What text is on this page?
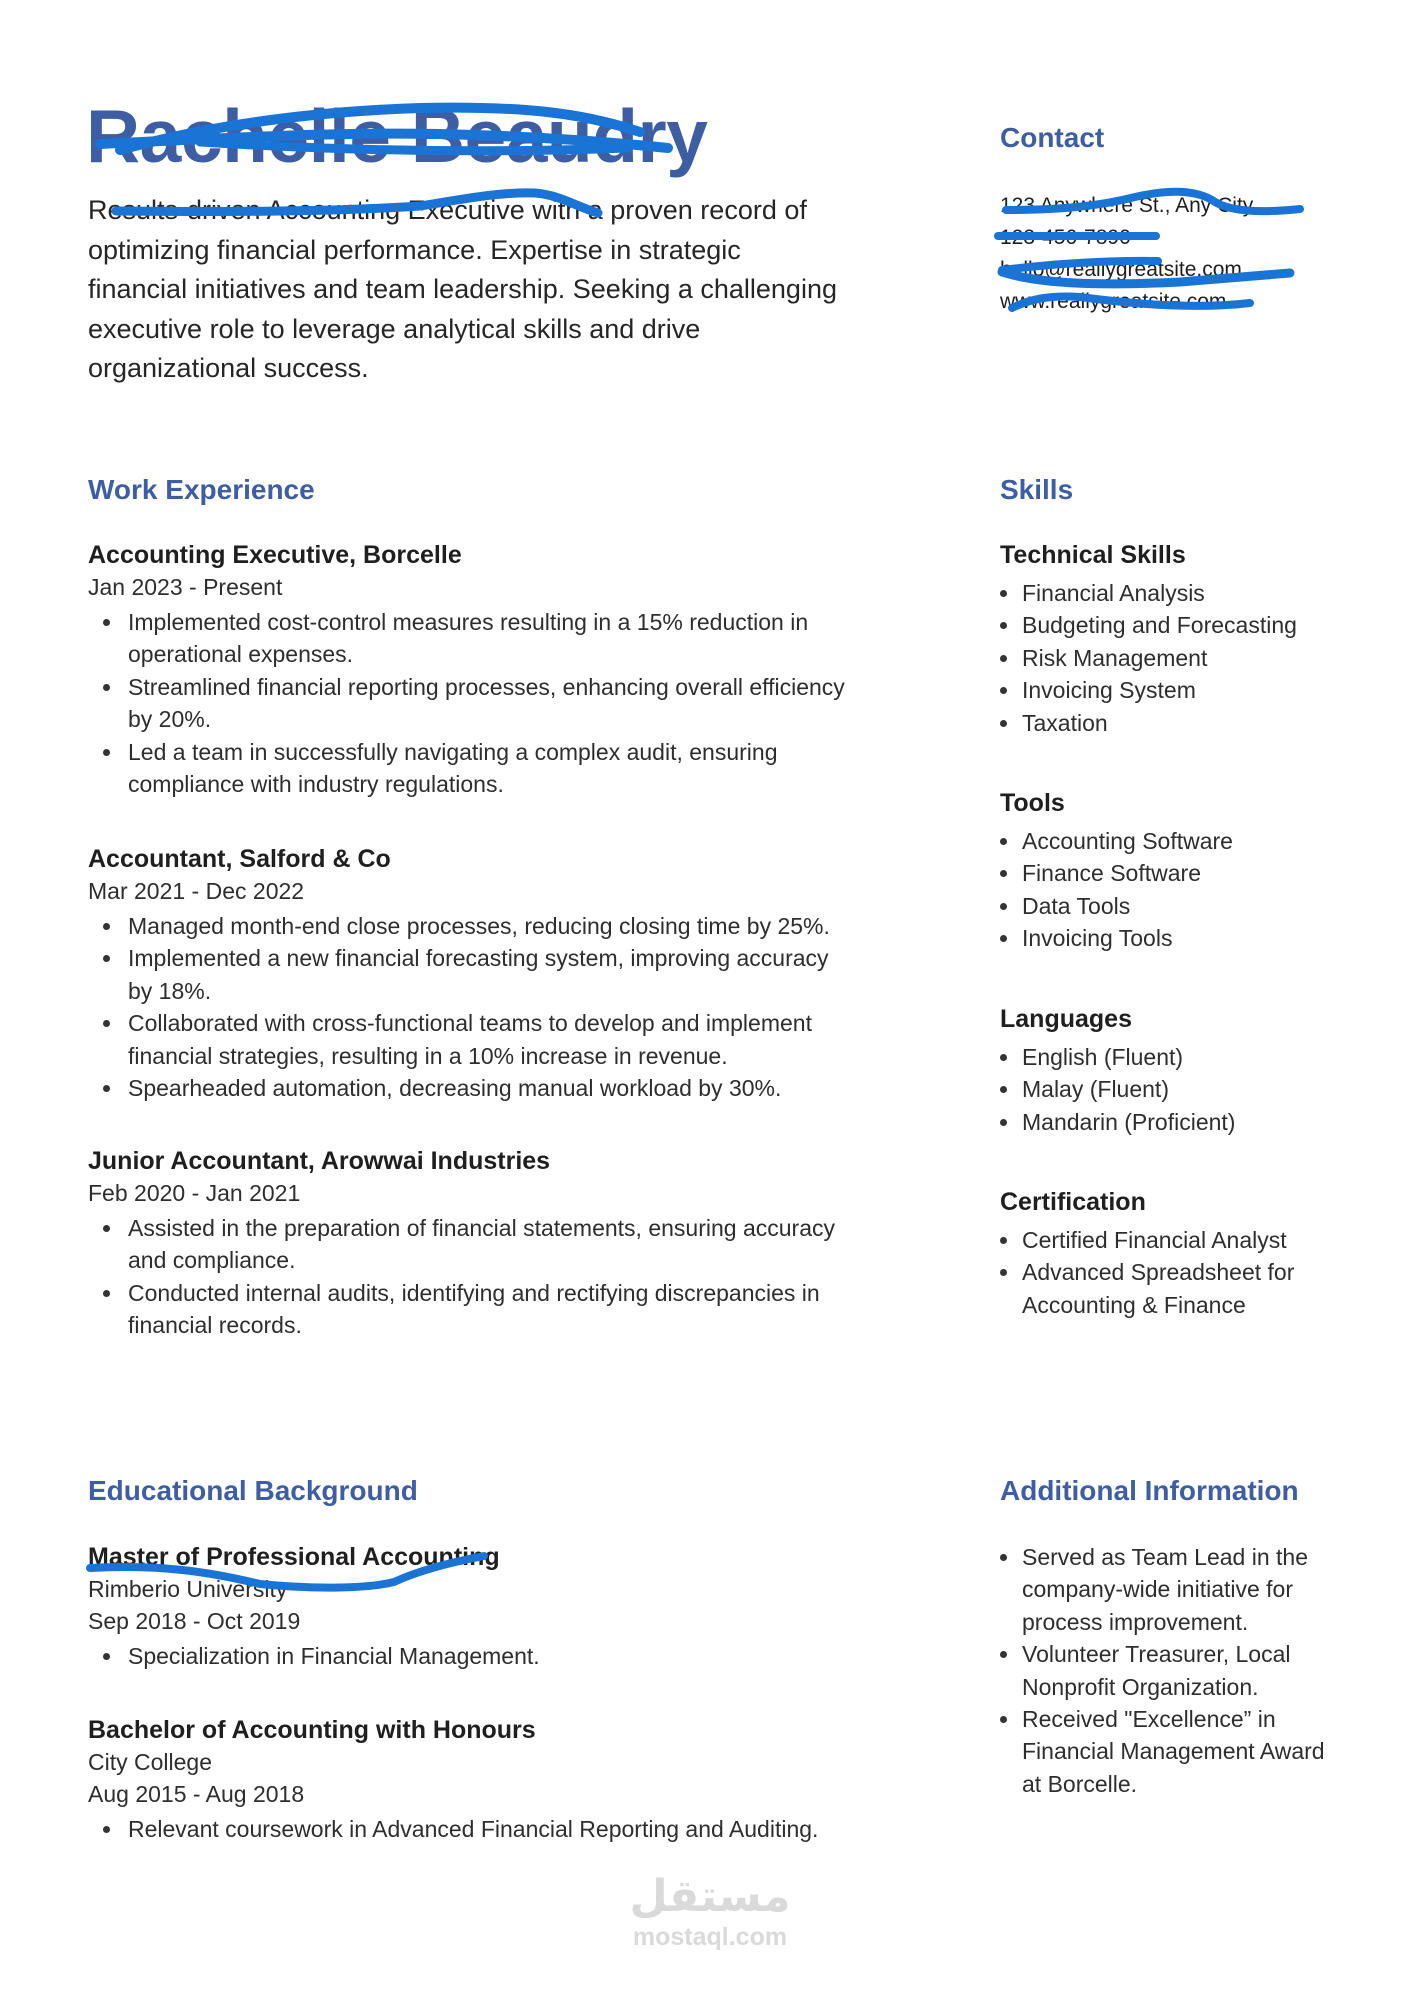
Rachelle Beaudry
Results-driven Accounting Executive with a proven record of
optimizing financial performance. Expertise in strategic
financial initiatives and team leadership. Seeking a challenging
executive role to leverage analytical skills and drive
organizational success.
Contact
123 Anywhere St., Any City
123-456-7890
hello@reallygreatsite.com
www.reallygreatsite.com
Work Experience
Accounting Executive, Borcelle
Jan 2023 - Present
Implemented cost-control measures resulting in a 15% reduction in
operational expenses.
Streamlined financial reporting processes, enhancing overall efficiency
by 20%.
Led a team in successfully navigating a complex audit, ensuring
compliance with industry regulations.
Accountant, Salford & Co
Mar 2021 - Dec 2022
Managed month-end close processes, reducing closing time by 25%.
Implemented a new financial forecasting system, improving accuracy
by 18%.
Collaborated with cross-functional teams to develop and implement
financial strategies, resulting in a 10% increase in revenue.
Spearheaded automation, decreasing manual workload by 30%.
Junior Accountant, Arowwai Industries
Feb 2020 - Jan 2021
Assisted in the preparation of financial statements, ensuring accuracy
and compliance.
Conducted internal audits, identifying and rectifying discrepancies in
financial records.
Educational Background
Master of Professional Accounting
Rimberio University
Sep 2018 - Oct 2019
Specialization in Financial Management.
Bachelor of Accounting with Honours
City College
Aug 2015 - Aug 2018
Relevant coursework in Advanced Financial Reporting and Auditing.
Skills
Technical Skills
Financial Analysis
Budgeting and Forecasting
Risk Management
Invoicing System
Taxation
Tools
Accounting Software
Finance Software
Data Tools
Invoicing Tools
Languages
English (Fluent)
Malay (Fluent)
Mandarin (Proficient)
Certification
Certified Financial Analyst
Advanced Spreadsheet for
Accounting & Finance
Additional Information
Served as Team Lead in the
company-wide initiative for
process improvement.
Volunteer Treasurer, Local
Nonprofit Organization.
Received "Excellence” in
Financial Management Award
at Borcelle.
مستقل
mostaql.com
